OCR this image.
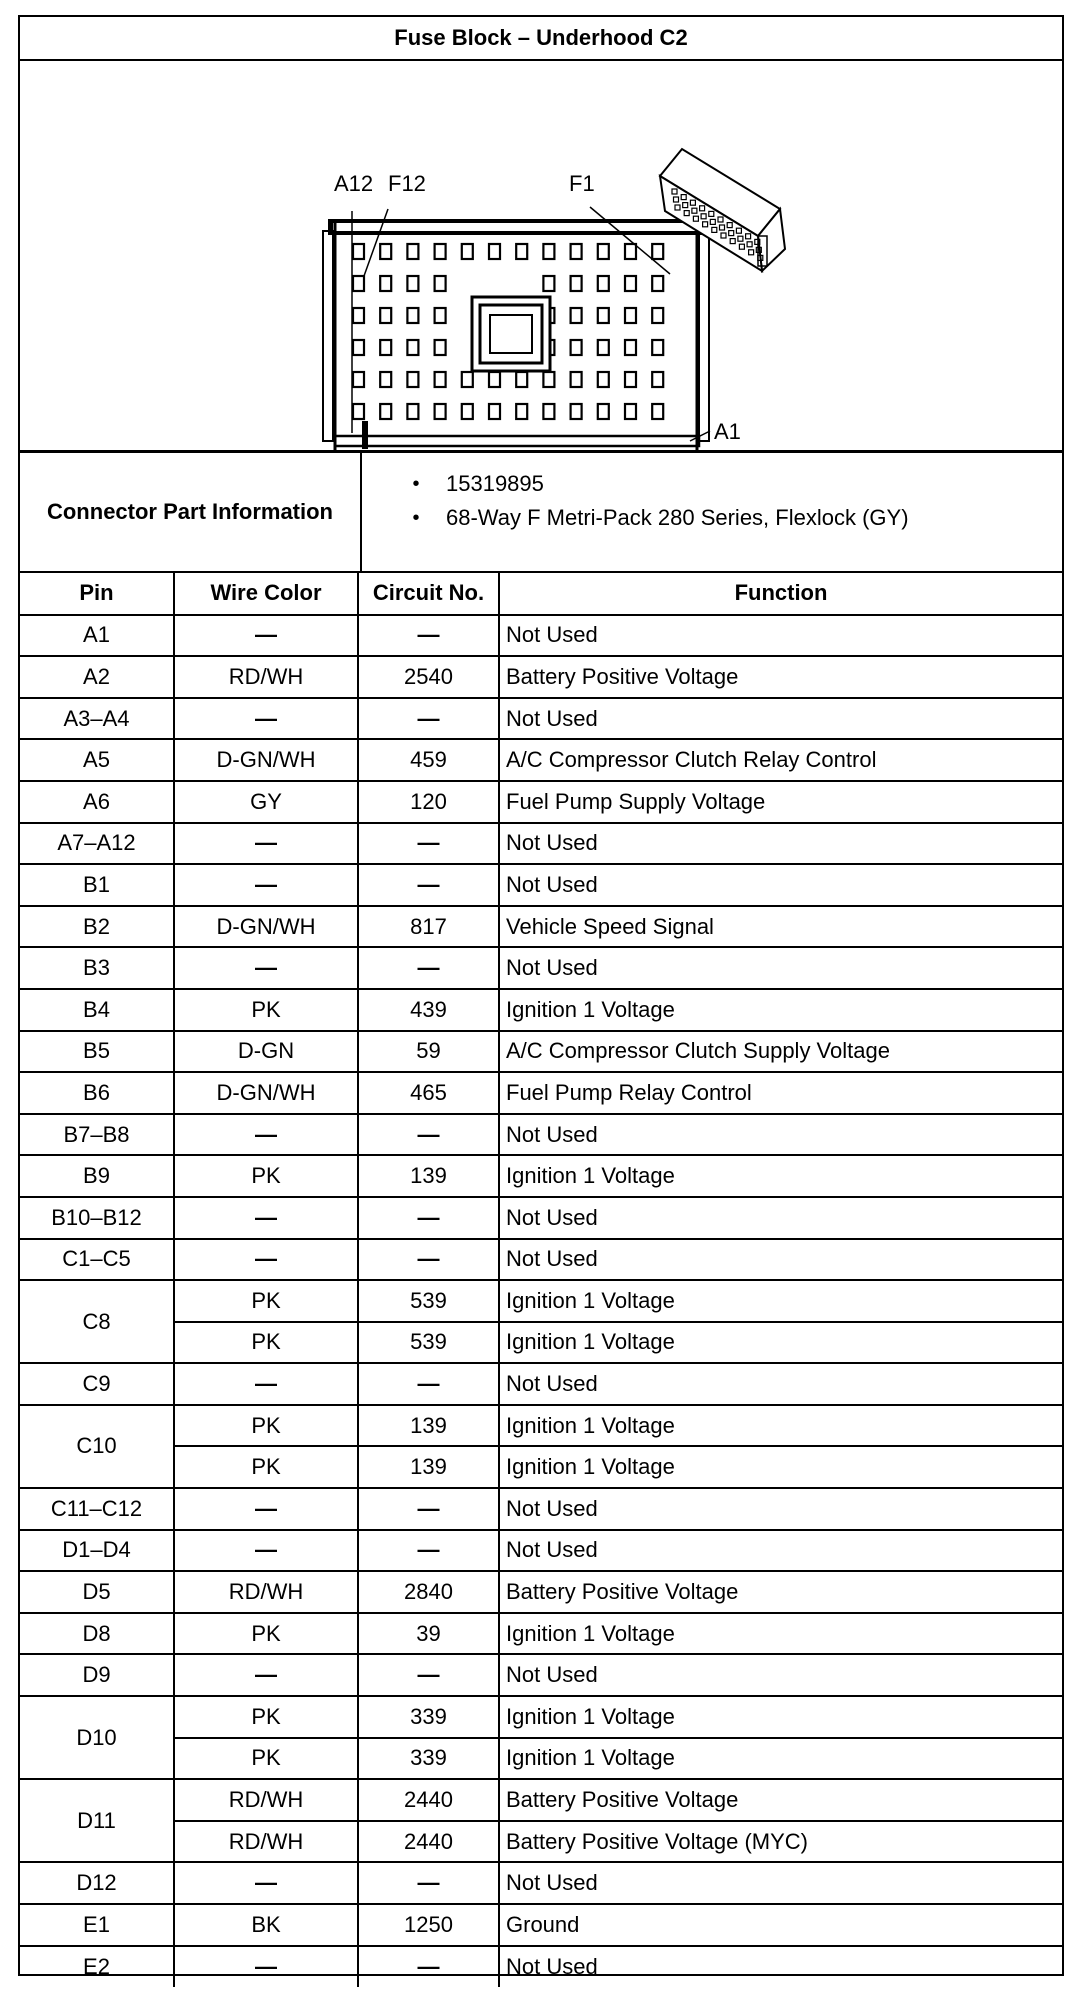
Fuse Block – Underhood C2
A12 F12	F1
A1
Connector Part Information
•	15319895
•	68-Way F Metri-Pack 280 Series, Flexlock (GY)
Pin	Wire Color	Circuit No.	Function
A1	—	—	Not Used
A2	RD/WH	2540	Battery Positive Voltage
A3–A4	—	—	Not Used
A5	D-GN/WH	459	A/C Compressor Clutch Relay Control
A6	GY	120	Fuel Pump Supply Voltage
A7–A12	—	—	Not Used
B1	—	—	Not Used
B2	D-GN/WH	817	Vehicle Speed Signal
B3	—	—	Not Used
B4	PK	439	Ignition 1 Voltage
B5	D-GN	59	A/C Compressor Clutch Supply Voltage
B6	D-GN/WH	465	Fuel Pump Relay Control
B7–B8	—	—	Not Used
B9	PK	139	Ignition 1 Voltage
B10–B12	—	—	Not Used
C1–C5	—	—	Not Used
C8	PK	539	Ignition 1 Voltage
	PK	539	Ignition 1 Voltage
C9	—	—	Not Used
C10	PK	139	Ignition 1 Voltage
	PK	139	Ignition 1 Voltage
C11–C12	—	—	Not Used
D1–D4	—	—	Not Used
D5	RD/WH	2840	Battery Positive Voltage
D8	PK	39	Ignition 1 Voltage
D9	—	—	Not Used
D10	PK	339	Ignition 1 Voltage
	PK	339	Ignition 1 Voltage
D11	RD/WH	2440	Battery Positive Voltage
	RD/WH	2440	Battery Positive Voltage (MYC)
D12	—	—	Not Used
E1	BK	1250	Ground
E2	—	—	Not Used
